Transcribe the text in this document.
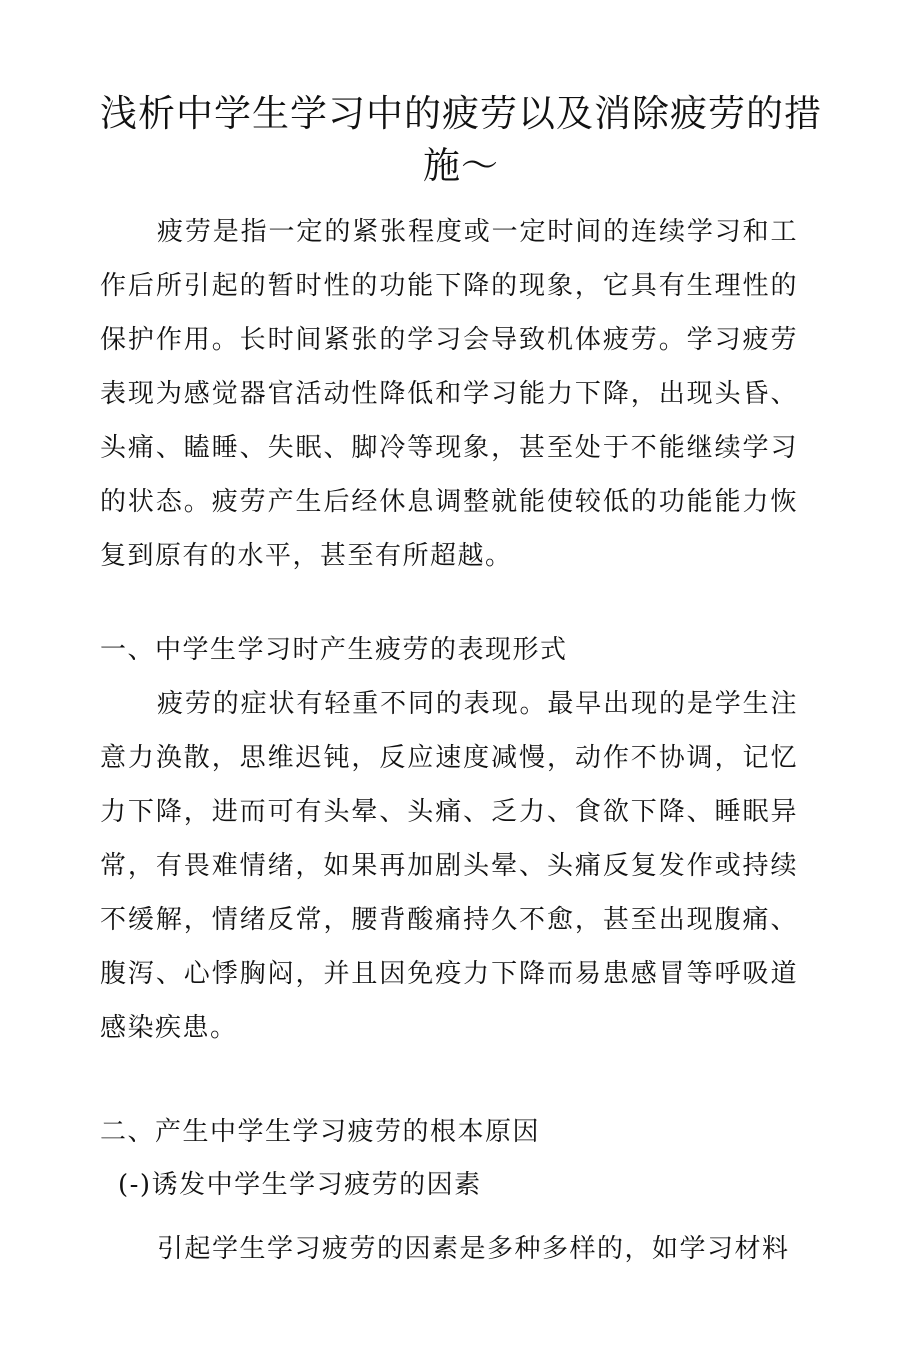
浅析中学生学习中的疲劳以及消除疲劳的措施～

疲劳是指一定的紧张程度或一定时间的连续学习和工作后所引起的暂时性的功能下降的现象，它具有生理性的保护作用。长时间紧张的学习会导致机体疲劳。学习疲劳表现为感觉器官活动性降低和学习能力下降，出现头昏、头痛、瞌睡、失眠、脚冷等现象，甚至处于不能继续学习的状态。疲劳产生后经休息调整就能使较低的功能能力恢复到原有的水平，甚至有所超越。

一、中学生学习时产生疲劳的表现形式

疲劳的症状有轻重不同的表现。最早出现的是学生注意力涣散，思维迟钝，反应速度减慢，动作不协调，记忆力下降，进而可有头晕、头痛、乏力、食欲下降、睡眠异常，有畏难情绪，如果再加剧头晕、头痛反复发作或持续不缓解，情绪反常，腰背酸痛持久不愈，甚至出现腹痛、腹泻、心悸胸闷，并且因免疫力下降而易患感冒等呼吸道感染疾患。

二、产生中学生学习疲劳的根本原因

(-)诱发中学生学习疲劳的因素

引起学生学习疲劳的因素是多种多样的，如学习材料
